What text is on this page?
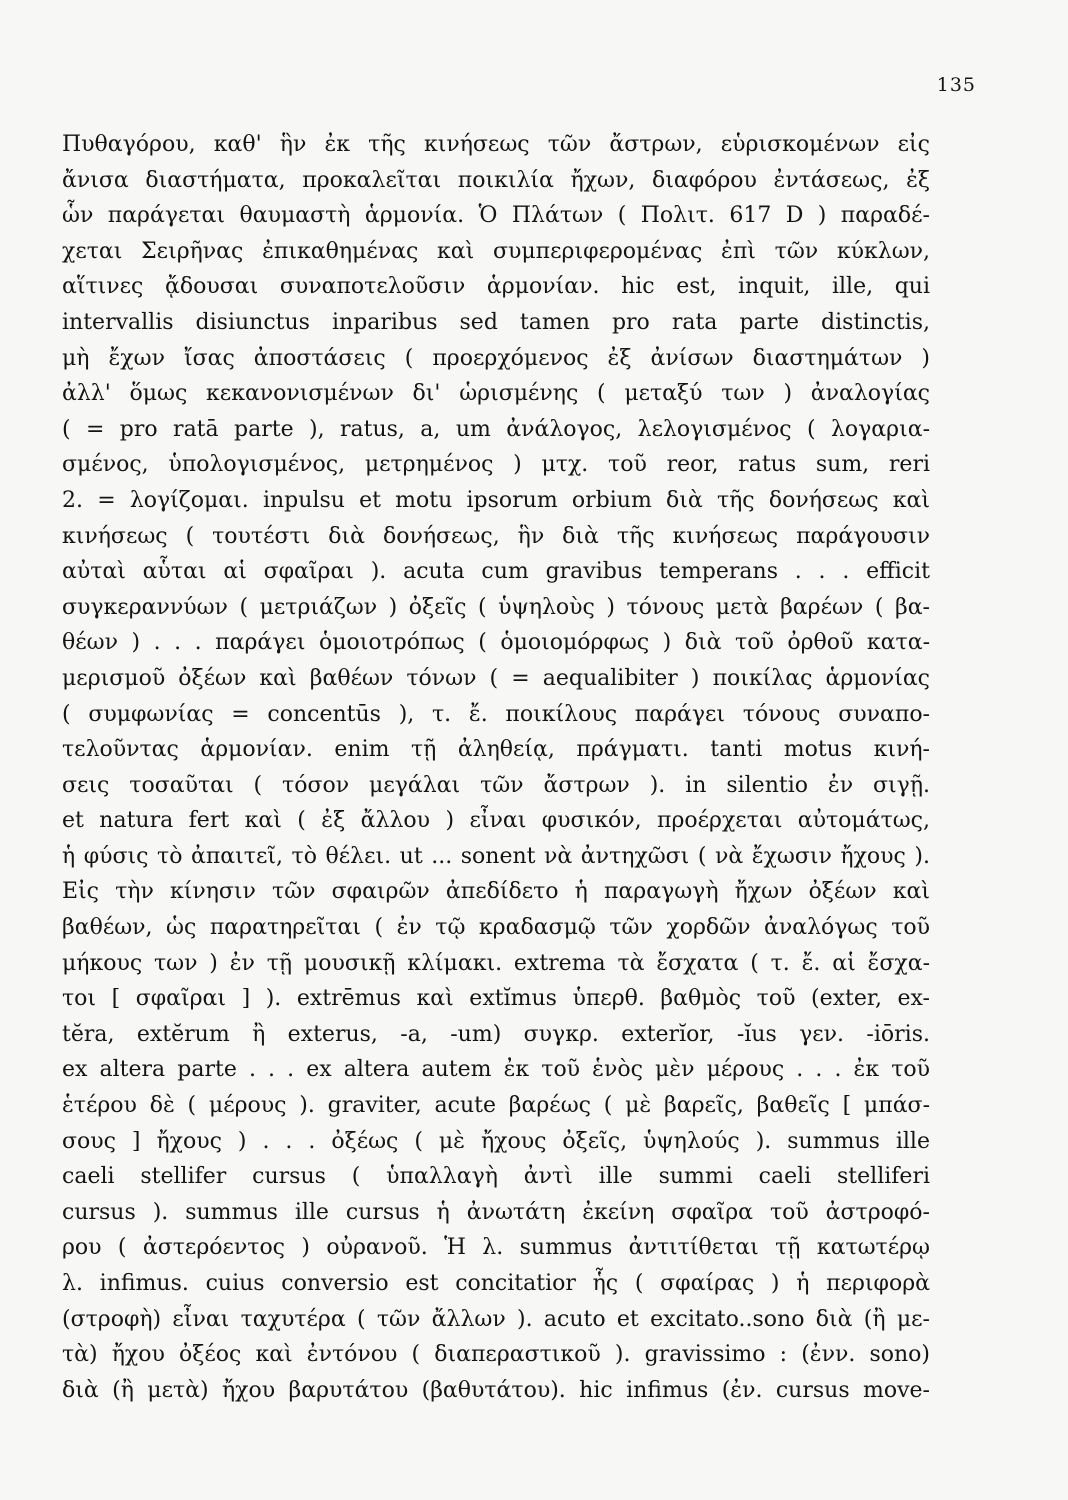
135
Πυθαγόρου, καθ' ἣν ἐκ τῆς κινήσεως τῶν ἄστρων, εὑρισκομένων εἰς
ἄνισα διαστήματα, προκαλεῖται ποικιλία ἤχων, διαφόρου ἐντάσεως, ἐξ
ὧν παράγεται θαυμαστὴ ἁρμονία. Ὁ Πλάτων ( Πολιτ. 617 D ) παραδέ-
χεται Σειρῆνας ἐπικαθημένας καὶ συμπεριφερομένας ἐπὶ τῶν κύκλων,
αἵτινες ᾄδουσαι συναποτελοῦσιν ἁρμονίαν. hic est, inquit, ille, qui
intervallis disiunctus inparibus sed tamen pro rata parte distinctis,
μὴ ἔχων ἴσας ἀποστάσεις ( προερχόμενος ἐξ ἀνίσων διαστημάτων )
ἀλλ' ὅμως κεκανονισμένων δι' ὡρισμένης ( μεταξύ των ) ἀναλογίας
( = pro ratā parte ), ratus, a, um ἀνάλογος, λελογισμένος ( λογαρια-
σμένος, ὑπολογισμένος, μετρημένος ) μτχ. τοῦ reor, ratus sum, reri
2. = λογίζομαι. inpulsu et motu ipsorum orbium διὰ τῆς δονήσεως καὶ
κινήσεως ( τουτέστι διὰ δονήσεως, ἣν διὰ τῆς κινήσεως παράγουσιν
αὐταὶ αὗται αἱ σφαῖραι ). acuta cum gravibus temperans . . . efficit
συγκεραννύων ( μετριάζων ) ὀξεῖς ( ὑψηλοὺς ) τόνους μετὰ βαρέων ( βα-
θέων ) . . . παράγει ὁμοιοτρόπως ( ὁμοιομόρφως ) διὰ τοῦ ὀρθοῦ κατα-
μερισμοῦ ὀξέων καὶ βαθέων τόνων ( = aequalibiter ) ποικίλας ἁρμονίας
( συμφωνίας = concentūs ), τ. ἔ. ποικίλους παράγει τόνους συναπο-
τελοῦντας ἁρμονίαν. enim τῇ ἀληθείᾳ, πράγματι. tanti motus κινή-
σεις τοσαῦται ( τόσον μεγάλαι τῶν ἄστρων ). in silentio ἐν σιγῇ.
et natura fert καὶ ( ἐξ ἄλλου ) εἶναι φυσικόν, προέρχεται αὐτομάτως,
ἡ φύσις τὸ ἀπαιτεῖ, τὸ θέλει. ut ... sonent νὰ ἀντηχῶσι ( νὰ ἔχωσιν ἤχους ).
Εἰς τὴν κίνησιν τῶν σφαιρῶν ἀπεδίδετο ἡ παραγωγὴ ἤχων ὀξέων καὶ
βαθέων, ὡς παρατηρεῖται ( ἐν τῷ κραδασμῷ τῶν χορδῶν ἀναλόγως τοῦ
μήκους των ) ἐν τῇ μουσικῇ κλίμακι. extrema τὰ ἔσχατα ( τ. ἔ. αἱ ἔσχα-
τοι [ σφαῖραι ] ). extrēmus καὶ extĭmus ὑπερθ. βαθμὸς τοῦ (exter, ex-
tĕra, extĕrum ἢ exterus, -a, -um) συγκρ. exterĭor, -ĭus γεν. -iōris.
ex altera parte . . . ex altera autem ἐκ τοῦ ἑνὸς μὲν μέρους . . . ἐκ τοῦ
ἑτέρου δὲ ( μέρους ). graviter, acute βαρέως ( μὲ βαρεῖς, βαθεῖς [ μπάσ-
σους ] ἤχους ) . . . ὀξέως ( μὲ ἤχους ὀξεῖς, ὑψηλούς ). summus ille
caeli stellifer cursus ( ὑπαλλαγὴ ἀντὶ ille summi caeli stelliferi
cursus ). summus ille cursus ἡ ἀνωτάτη ἐκείνη σφαῖρα τοῦ ἀστροφό-
ρου ( ἀστερόεντος ) οὐρανοῦ. Ἡ λ. summus ἀντιτίθεται τῇ κατωτέρῳ
λ. infimus. cuius conversio est concitatior ἧς ( σφαίρας ) ἡ περιφορὰ
(στροφὴ) εἶναι ταχυτέρα ( τῶν ἄλλων ). acuto et excitato..sono διὰ (ἢ με-
τὰ) ἤχου ὀξέος καὶ ἐντόνου ( διαπεραστικοῦ ). gravissimo : (ἐνν. sono)
διὰ (ἢ μετὰ) ἤχου βαρυτάτου (βαθυτάτου). hic infimus (ἐν. cursus move-
